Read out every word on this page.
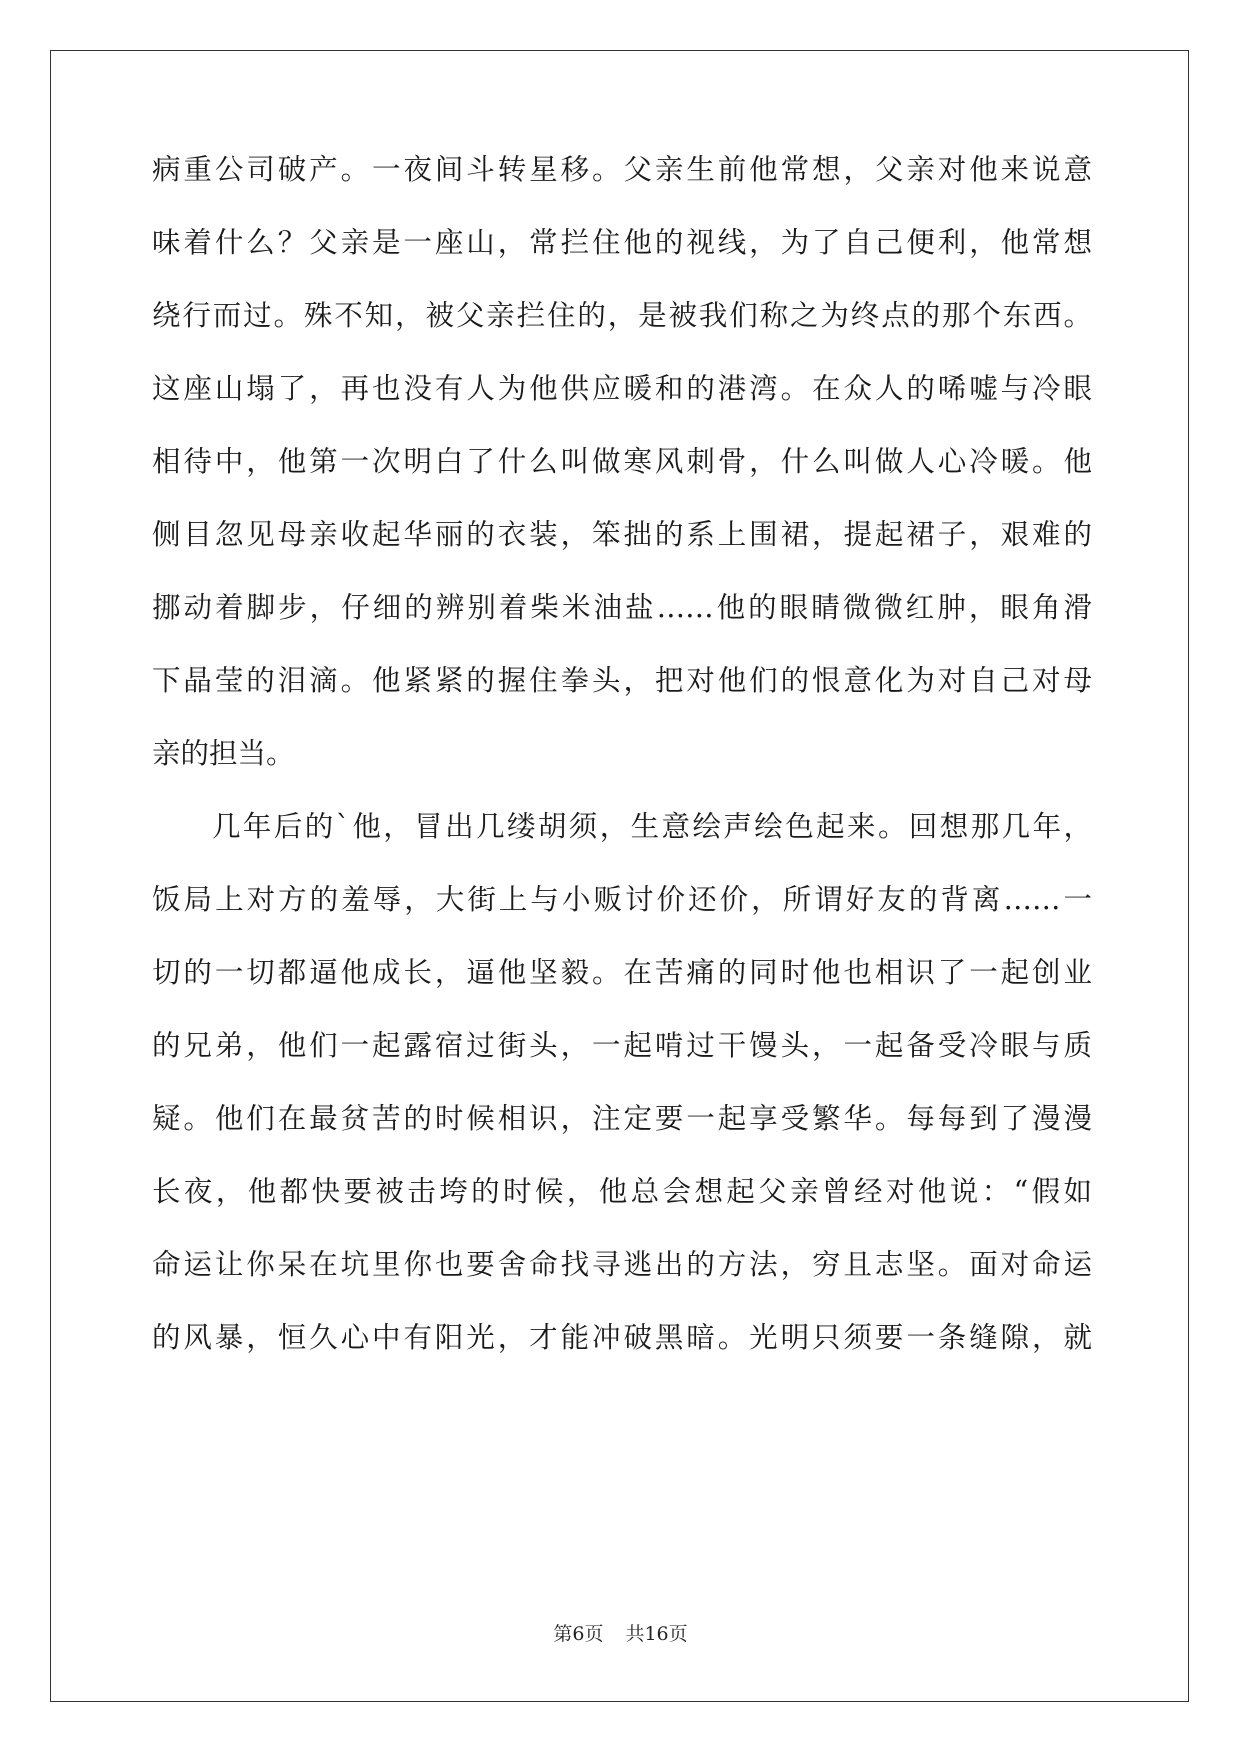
病重公司破产。一夜间斗转星移。父亲生前他常想，父亲对他来说意
味着什么？父亲是一座山，常拦住他的视线，为了自己便利，他常想
绕行而过。殊不知，被父亲拦住的，是被我们称之为终点的那个东西。
这座山塌了，再也没有人为他供应暖和的港湾。在众人的唏嘘与冷眼
相待中，他第一次明白了什么叫做寒风刺骨，什么叫做人心冷暖。他
侧目忽见母亲收起华丽的衣装，笨拙的系上围裙，提起裙子，艰难的
挪动着脚步，仔细的辨别着柴米油盐……他的眼睛微微红肿，眼角滑
下晶莹的泪滴。他紧紧的握住拳头，把对他们的恨意化为对自己对母
亲的担当。
几年后的`他，冒出几缕胡须，生意绘声绘色起来。回想那几年，
饭局上对方的羞辱，大街上与小贩讨价还价，所谓好友的背离……一
切的一切都逼他成长，逼他坚毅。在苦痛的同时他也相识了一起创业
的兄弟，他们一起露宿过街头，一起啃过干馒头，一起备受冷眼与质
疑。他们在最贫苦的时候相识，注定要一起享受繁华。每每到了漫漫
长夜，他都快要被击垮的时候，他总会想起父亲曾经对他说：“假如
命运让你呆在坑里你也要舍命找寻逃出的方法，穷且志坚。面对命运
的风暴，恒久心中有阳光，才能冲破黑暗。光明只须要一条缝隙，就
第6页 共16页
